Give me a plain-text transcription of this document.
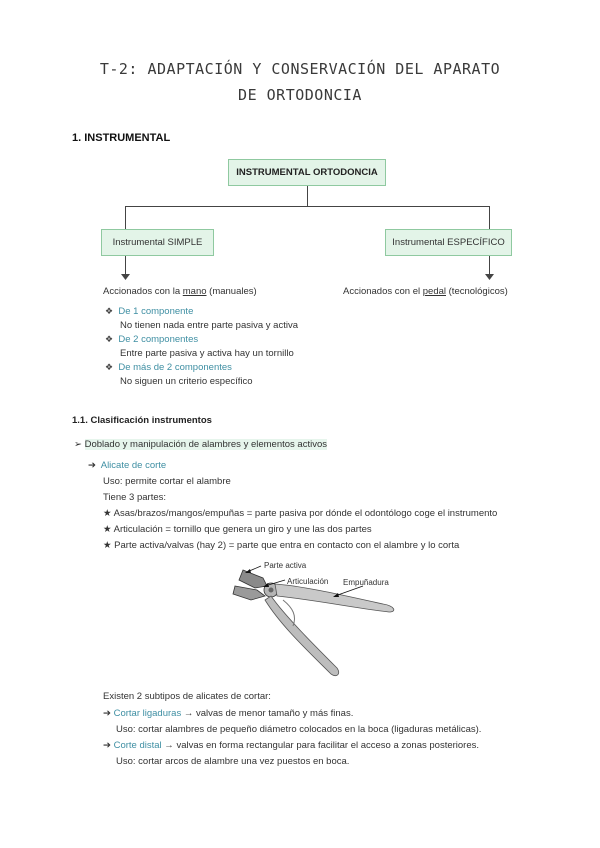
T-2: ADAPTACIÓN Y CONSERVACIÓN DEL APARATO
DE ORTODONCIA
1. INSTRUMENTAL
INSTRUMENTAL ORTODONCIA
Instrumental SIMPLE	Instrumental ESPECÍFICO
Accionados con la mano (manuales)	Accionados con el pedal (tecnológicos)
❖ De 1 componente
No tienen nada entre parte pasiva y activa
❖ De 2 componentes
Entre parte pasiva y activa hay un tornillo
❖ De más de 2 componentes
No siguen un criterio específico
1.1. Clasificación instrumentos
➢ Doblado y manipulación de alambres y elementos activos
➔ Alicate de corte
Uso: permite cortar el alambre
Tiene 3 partes:
★ Asas/brazos/mangos/empuñas = parte pasiva por dónde el odontólogo coge el instrumento
★ Articulación = tornillo que genera un giro y une las dos partes
★ Parte activa/valvas (hay 2) = parte que entra en contacto con el alambre y lo corta
Parte activa
Articulación Empuñadura
Existen 2 subtipos de alicates de cortar:
➔ Cortar ligaduras → valvas de menor tamaño y más finas.
Uso: cortar alambres de pequeño diámetro colocados en la boca (ligaduras metálicas).
➔ Corte distal → valvas en forma rectangular para facilitar el acceso a zonas posteriores.
Uso: cortar arcos de alambre una vez puestos en boca.
